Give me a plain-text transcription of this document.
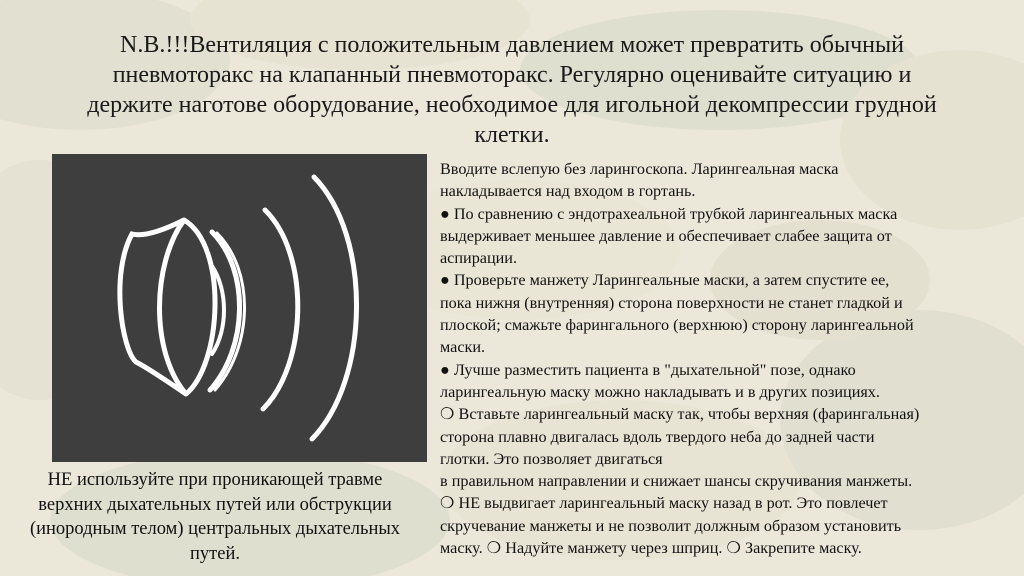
N.B.!!!Вентиляция с положительным давлением может превратить обычный пневмоторакс на клапанный пневмоторакс. Регулярно оценивайте ситуацию и держите наготове оборудование, необходимое для игольной декомпрессии грудной клетки.
Вводите вслепую без ларингоскопа. Ларингеальная маска
накладывается над входом в гортань.
● По сравнению с эндотрахеальной трубкой ларингеальных маска
выдерживает меньшее давление и обеспечивает слабее защита от
аспирации.
● Проверьте манжету Ларингеальные маски, а затем спустите ее,
пока нижня (внутренняя) сторона поверхности не станет гладкой и
плоской; смажьте фарингального (верхнюю) сторону ларингеальной
маски.
● Лучше разместить пациента в "дыхательной" позе, однако
ларингеальную маску можно накладывать и в других позициях.
❍ Вставьте ларингеальный маску так, чтобы верхняя (фарингальная)
сторона плавно двигалась вдоль твердого неба до задней части
глотки. Это позволяет двигаться
в правильном направлении и снижает шансы скручивания манжеты.
❍ НЕ выдвигает ларингеальный маску назад в рот. Это повлечет
скручевание манжеты и не позволит должным образом установить
маску. ❍ Надуйте манжету через шприц. ❍ Закрепите маску.
НЕ используйте при проникающей травме верхних дыхательных путей или обструкции (инородным телом) центральных дыхательных путей.
